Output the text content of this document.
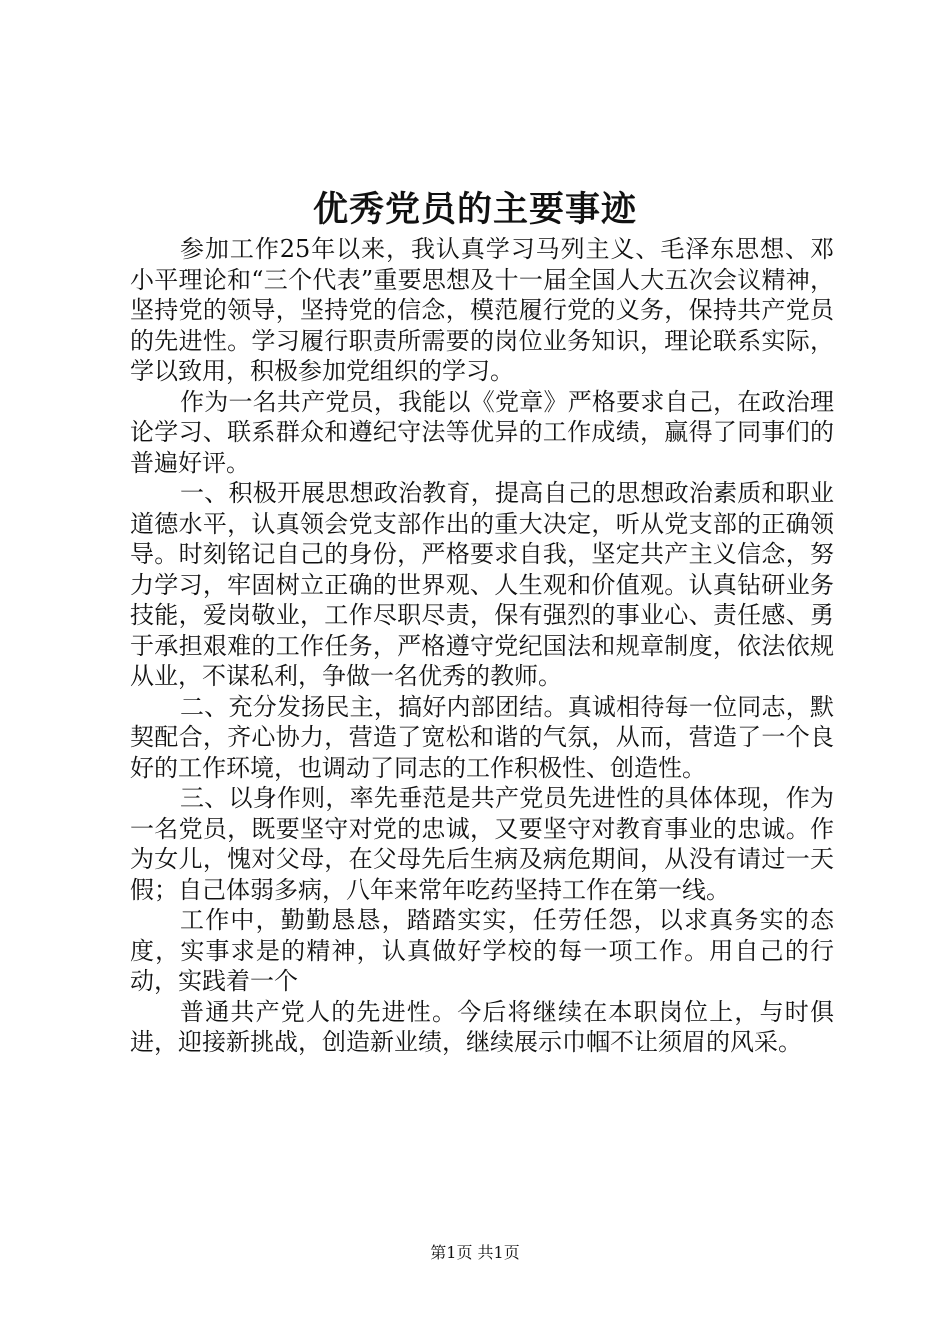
优秀党员的主要事迹

参加工作25年以来，我认真学习马列主义、毛泽东思想、邓小平理论和“三个代表”重要思想及十一届全国人大五次会议精神，坚持党的领导，坚持党的信念，模范履行党的义务，保持共产党员的先进性。学习履行职责所需要的岗位业务知识，理论联系实际，学以致用，积极参加党组织的学习。

作为一名共产党员，我能以《党章》严格要求自己，在政治理论学习、联系群众和遵纪守法等优异的工作成绩，赢得了同事们的普遍好评。

一、积极开展思想政治教育，提高自己的思想政治素质和职业道德水平，认真领会党支部作出的重大决定，听从党支部的正确领导。时刻铭记自己的身份，严格要求自我，坚定共产主义信念，努力学习，牢固树立正确的世界观、人生观和价值观。认真钻研业务技能，爱岗敬业，工作尽职尽责，保有强烈的事业心、责任感、勇于承担艰难的工作任务，严格遵守党纪国法和规章制度，依法依规从业，不谋私利，争做一名优秀的教师。

二、充分发扬民主，搞好内部团结。真诚相待每一位同志，默契配合，齐心协力，营造了宽松和谐的气氛，从而，营造了一个良好的工作环境，也调动了同志的工作积极性、创造性。

三、以身作则，率先垂范是共产党员先进性的具体体现，作为一名党员，既要坚守对党的忠诚，又要坚守对教育事业的忠诚。作为女儿，愧对父母，在父母先后生病及病危期间，从没有请过一天假；自己体弱多病，八年来常年吃药坚持工作在第一线。

工作中，勤勤恳恳，踏踏实实，任劳任怨，以求真务实的态度，实事求是的精神，认真做好学校的每一项工作。用自己的行动，实践着一个

普通共产党人的先进性。今后将继续在本职岗位上，与时俱进，迎接新挑战，创造新业绩，继续展示巾帼不让须眉的风采。

第1页 共1页
